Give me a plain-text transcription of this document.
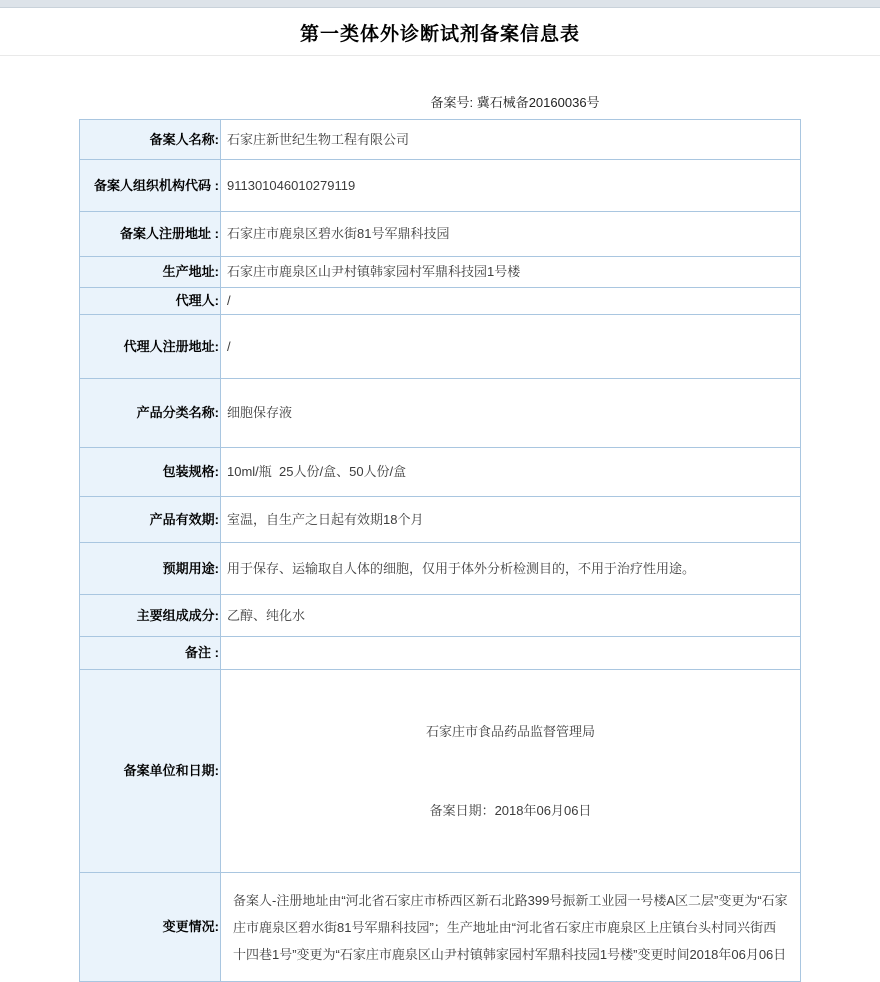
第一类体外诊断试剂备案信息表
备案号: 冀石械备20160036号
备案人名称:	石家庄新世纪生物工程有限公司
备案人组织机构代码 :	911301046010279119
备案人注册地址 :	石家庄市鹿泉区碧水街81号军鼎科技园
生产地址:	石家庄市鹿泉区山尹村镇韩家园村军鼎科技园1号楼
代理人:	/
代理人注册地址:	/
产品分类名称:	细胞保存液
包装规格:	10ml/瓶  25人份/盒、50人份/盒
产品有效期:	室温，自生产之日起有效期18个月
预期用途:	用于保存、运输取自人体的细胞，仅用于体外分析检测目的，不用于治疗性用途。
主要组成成分:	乙醇、纯化水
备注 :	
备案单位和日期:	石家庄市食品药品监督管理局

备案日期：2018年06月06日

变更情况:	备案人-注册地址由“河北省石家庄市桥西区新石北路399号振新工业园一号楼A区二层”变更为“石家庄市鹿泉区碧水街81号军鼎科技园”；生产地址由“河北省石家庄市鹿泉区上庄镇台头村同兴街西十四巷1号”变更为“石家庄市鹿泉区山尹村镇韩家园村军鼎科技园1号楼”变更时间2018年06月06日
